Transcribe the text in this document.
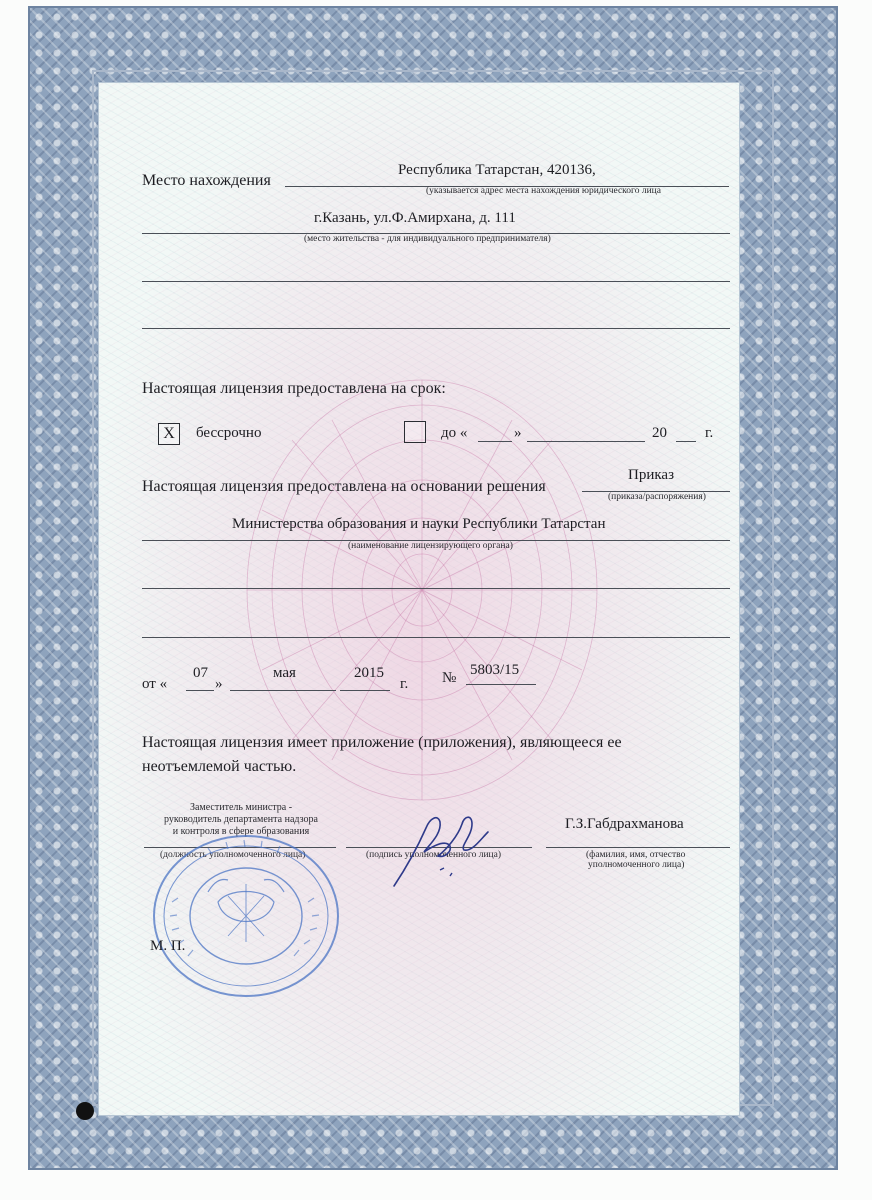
Место нахождения
Республика Татарстан, 420136,
(указывается адрес места нахождения юридического лица
г.Казань, ул.Ф.Амирхана, д. 111
(место жительства - для индивидуального предпринимателя)
Настоящая лицензия предоставлена на срок:
X	бессрочно	до «	»	20	г.
Настоящая лицензия предоставлена на основании решения
Приказ
(приказа/распоряжения)
Министерства образования и науки Республики Татарстан
(наименование лицензирующего органа)
от «
07
»
мая	2015
г. № 5803/15
Настоящая лицензия имеет приложение (приложения), являющееся ее
неотъемлемой частью.
Заместитель министра -
руководитель департамента надзора
и контроля в сфере образования
(должность уполномоченного лица)	(подпись уполномоченного лица)
Г.З.Габдрахманова
(фамилия, имя, отчество
уполномоченного лица)
М. П.
